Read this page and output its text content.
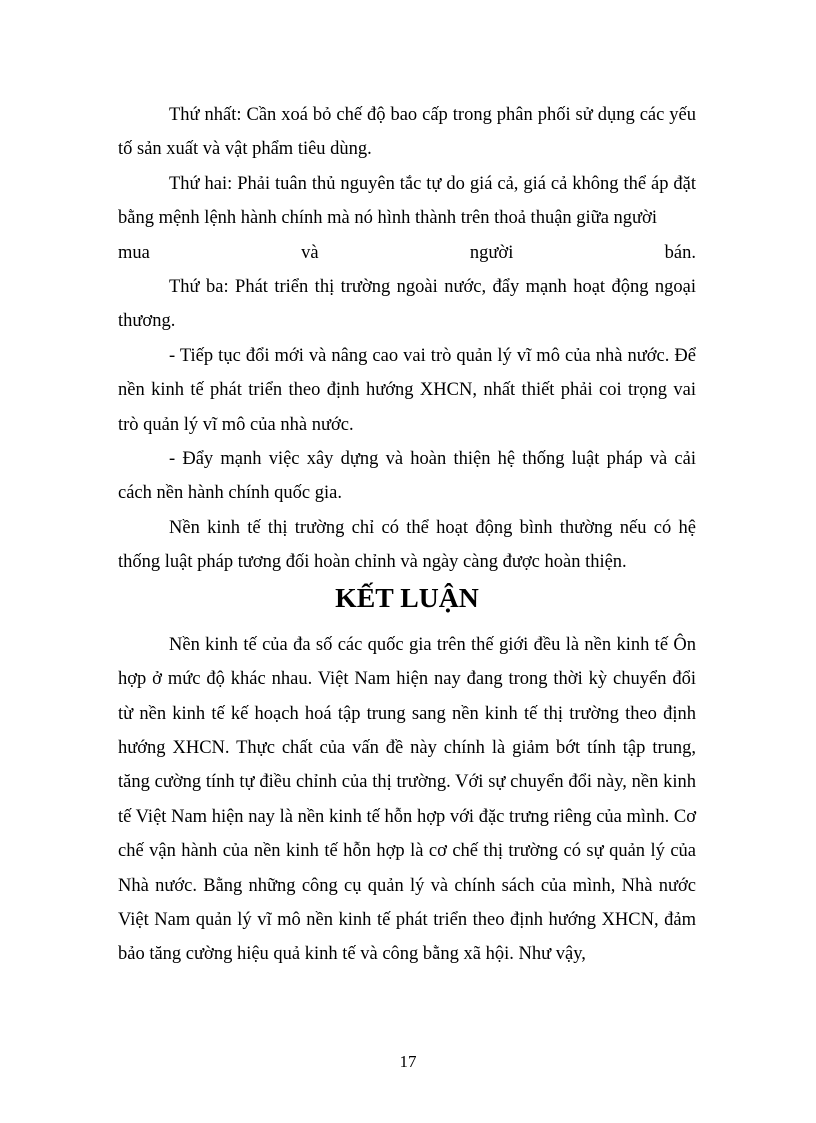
Thứ nhất: Cần xoá bỏ chế độ bao cấp trong phân phối sử dụng các yếu tố sản xuất và vật phẩm tiêu dùng.

Thứ hai: Phải tuân thủ nguyên tắc tự do giá cả, giá cả không thể áp đặt bằng mệnh lệnh hành chính mà nó hình thành trên thoả thuận giữa người

mua và người bán.

Thứ ba: Phát triển thị trường ngoài nước, đẩy mạnh hoạt động ngoại thương.

- Tiếp tục đổi mới và nâng cao vai trò quản lý vĩ mô của nhà nước. Để nền kinh tế phát triển theo định hướng XHCN, nhất thiết phải coi trọng vai trò quản lý vĩ mô của nhà nước.

- Đẩy mạnh việc xây dựng và hoàn thiện hệ thống luật pháp và cải cách nền hành chính quốc gia.

Nền kinh tế thị trường chỉ có thể hoạt động bình thường nếu có hệ thống luật pháp tương đối hoàn chỉnh và ngày càng được hoàn thiện.

KẾT LUẬN

Nền kinh tế của đa số các quốc gia trên thế giới đều là nền kinh tế Ôn hợp ở mức độ khác nhau. Việt Nam hiện nay đang trong thời kỳ chuyển đổi từ nền kinh tế kế hoạch hoá tập trung sang nền kinh tế thị trường theo định hướng XHCN. Thực chất của vấn đề này chính là giảm bớt tính tập trung, tăng cường tính tự điều chỉnh của thị trường. Với sự chuyển đổi này, nền kinh tế Việt Nam hiện nay là nền kinh tế hỗn hợp với đặc trưng riêng của mình. Cơ chế vận hành của nền kinh tế hỗn hợp là cơ chế thị trường có sự quản lý của Nhà nước. Bằng những công cụ quản lý và chính sách của mình, Nhà nước Việt Nam quản lý vĩ mô nền kinh tế phát triển theo định hướng XHCN, đảm bảo tăng cường hiệu quả kinh tế và công bằng xã hội. Như vậy,

17
